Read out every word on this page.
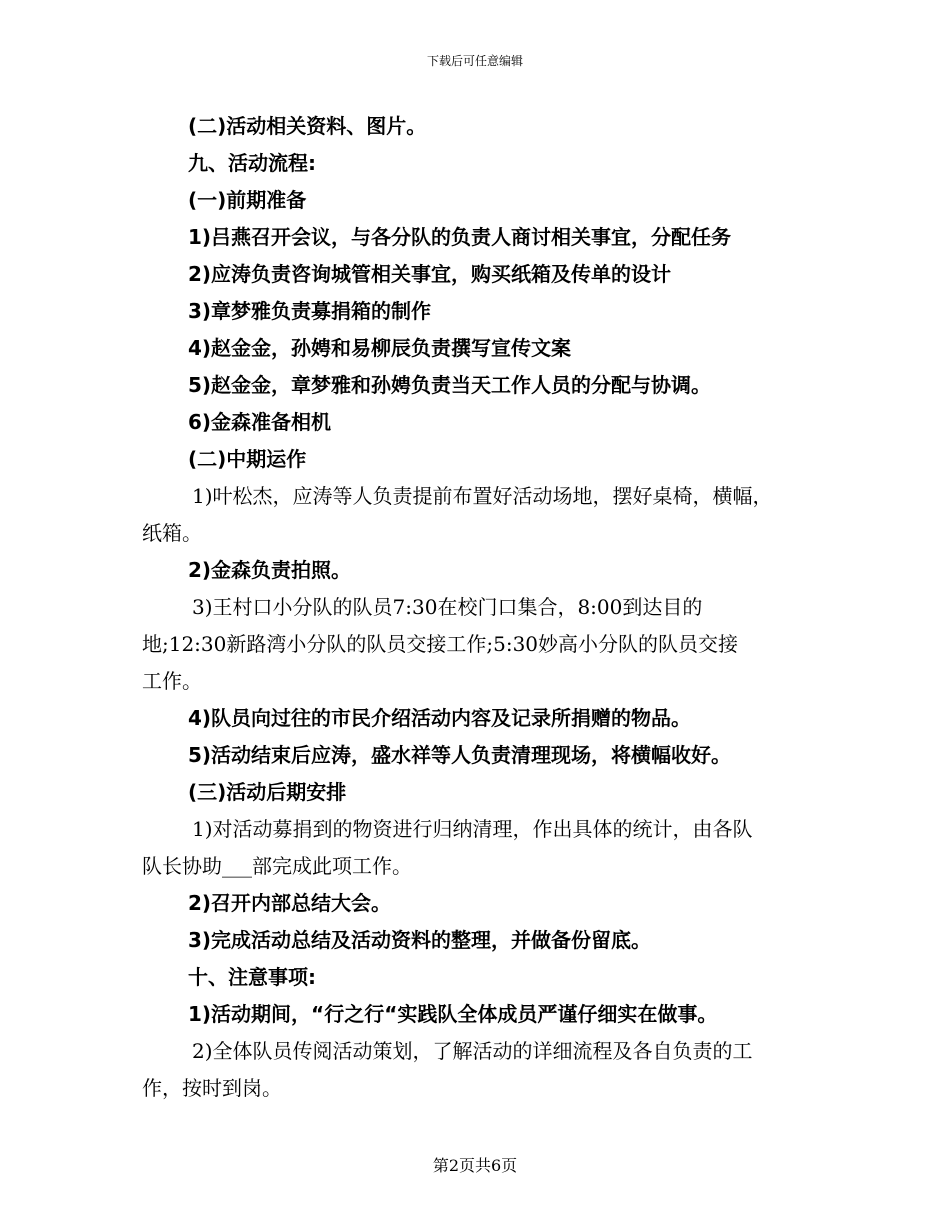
下载后可任意编辑
(二)活动相关资料、图片。
九、活动流程:
(一)前期准备
1)吕燕召开会议，与各分队的负责人商讨相关事宜，分配任务
2)应涛负责咨询城管相关事宜，购买纸箱及传单的设计
3)章梦雅负责募捐箱的制作
4)赵金金，孙娉和易柳辰负责撰写宣传文案
5)赵金金，章梦雅和孙娉负责当天工作人员的分配与协调。
6)金森准备相机
(二)中期运作
1)叶松杰，应涛等人负责提前布置好活动场地，摆好桌椅，横幅，
纸箱。
2)金森负责拍照。
3)王村口小分队的队员7:30在校门口集合，8:00到达目的
地;12:30新路湾小分队的队员交接工作;5:30妙高小分队的队员交接
工作。
4)队员向过往的市民介绍活动内容及记录所捐赠的物品。
5)活动结束后应涛，盛水祥等人负责清理现场，将横幅收好。
(三)活动后期安排
1)对活动募捐到的物资进行归纳清理，作出具体的统计，由各队
队长协助___部完成此项工作。
2)召开内部总结大会。
3)完成活动总结及活动资料的整理，并做备份留底。
十、注意事项:
1)活动期间，“行之行“实践队全体成员严谨仔细实在做事。
2)全体队员传阅活动策划，了解活动的详细流程及各自负责的工
作，按时到岗。
第2页共6页
